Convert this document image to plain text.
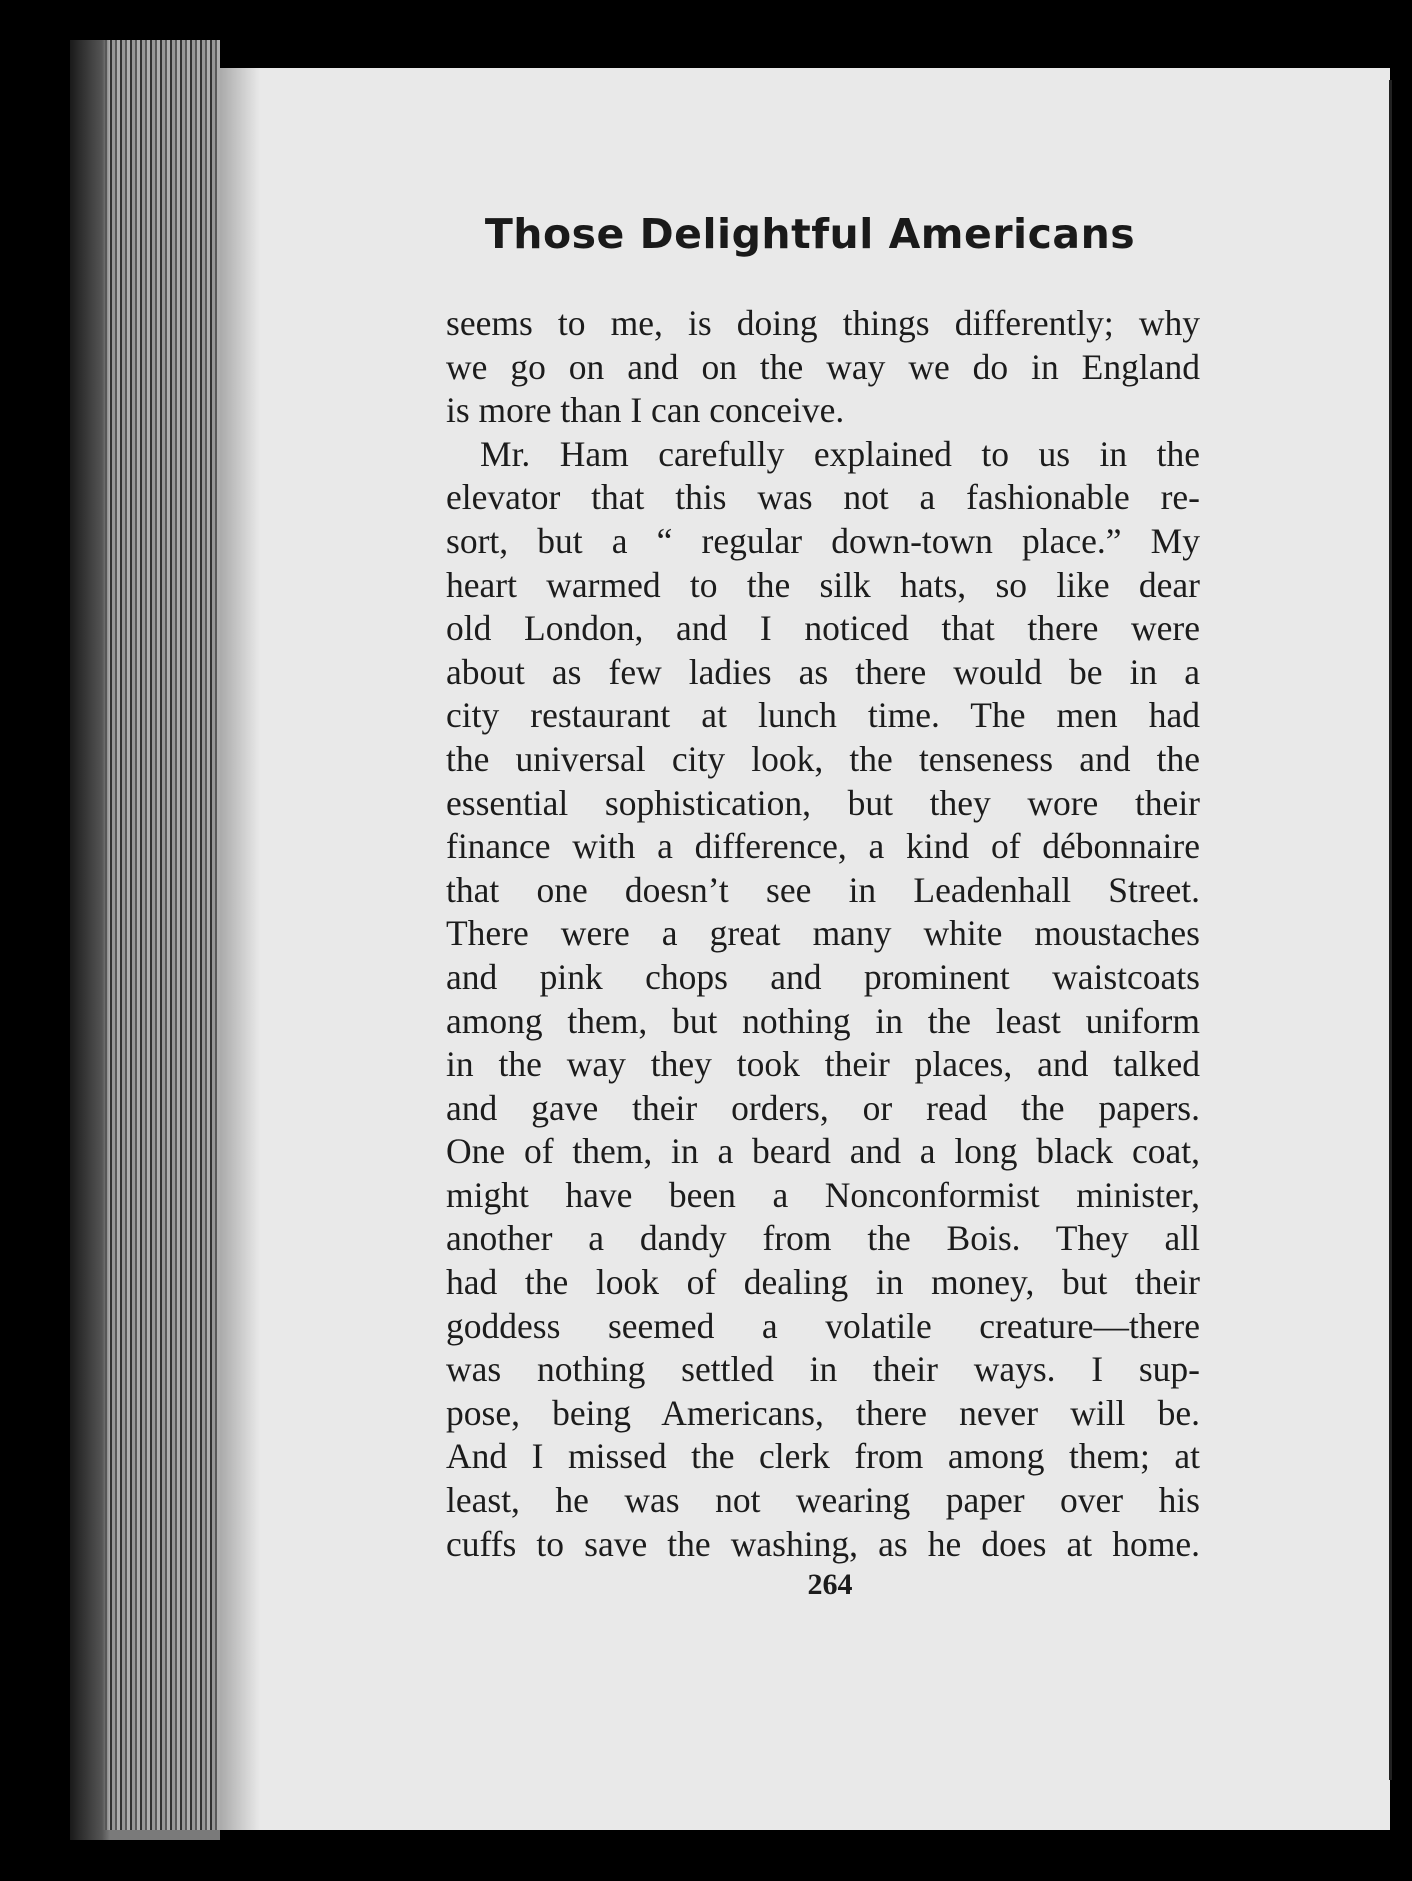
Those Delightful Americans
seems to me, is doing things differently; why
we go on and on the way we do in England
is more than I can conceive.
Mr. Ham carefully explained to us in the
elevator that this was not a fashionable re-
sort, but a “ regular down-town place.” My
heart warmed to the silk hats, so like dear
old London, and I noticed that there were
about as few ladies as there would be in a
city restaurant at lunch time. The men had
the universal city look, the tenseness and the
essential sophistication, but they wore their
finance with a difference, a kind of débonnaire
that one doesn’t see in Leadenhall Street.
There were a great many white moustaches
and pink chops and prominent waistcoats
among them, but nothing in the least uniform
in the way they took their places, and talked
and gave their orders, or read the papers.
One of them, in a beard and a long black coat,
might have been a Nonconformist minister,
another a dandy from the Bois. They all
had the look of dealing in money, but their
goddess seemed a volatile creature—there
was nothing settled in their ways. I sup-
pose, being Americans, there never will be.
And I missed the clerk from among them; at
least, he was not wearing paper over his
cuffs to save the washing, as he does at home.
264
